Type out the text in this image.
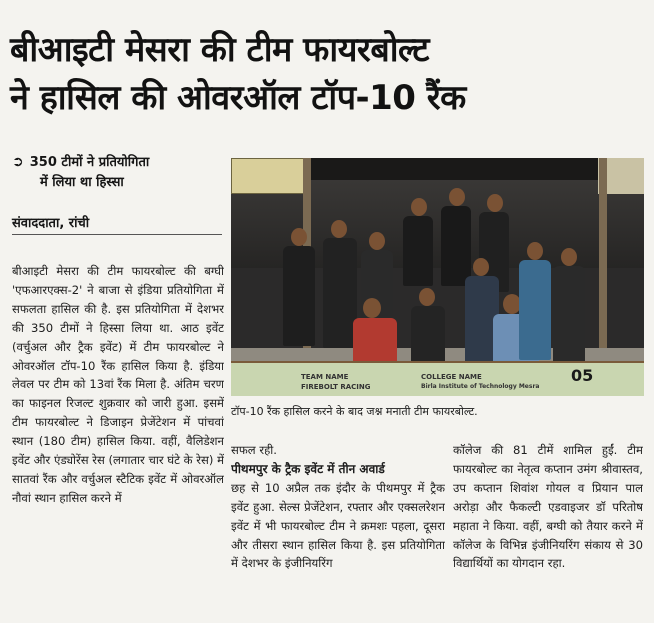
बीआइटी मेसरा की टीम फायरबोल्ट
ने हासिल की ओवरऑल टॉप-10 रैंक
➲ 350 टीमों ने प्रतियोगिता
में लिया था हिस्सा
संवाददाता, रांची
बीआइटी मेसरा की टीम फायरबोल्ट की बग्घी 'एफआरएक्स-2' ने बाजा से इंडिया प्रतियोगिता में सफलता हासिल की है. इस प्रतियोगिता में देशभर की 350 टीमों ने हिस्सा लिया था. आठ इवेंट (वर्चुअल और ट्रैक इवेंट) में टीम फायरबोल्ट ने ओवरऑल टॉप-10 रैंक हासिल किया है. इंडिया लेवल पर टीम को 13वां रैंक मिला है. अंतिम चरण का फाइनल रिजल्ट शुक्रवार को जारी हुआ. इसमें टीम फायरबोल्ट ने डिजाइन प्रेजेंटेशन में पांचवां स्थान (180 टीम) हासिल किया. वहीं, वैलिडेशन इवेंट और एंड्योरेंस रेस (लगातार चार घंटे के रेस) में सातवां रैंक और वर्चुअल स्टैटिक इवेंट में ओवरऑल नौवां स्थान हासिल करने में
TEAM NAME
FIREBOLT RACING
COLLEGE NAME
Birla Institute of Technology Mesra
05
टॉप-10 रैंक हासिल करने के बाद जश्न मनाती टीम फायरबोल्ट.
सफल रही.
पीथमपुर के ट्रैक इवेंट में तीन अवार्ड
छह से 10 अप्रैल तक इंदौर के पीथमपुर में ट्रैक इवेंट हुआ. सेल्स प्रेजेंटेशन, रफ्तार और एक्सलरेशन इवेंट में भी फायरबोल्ट टीम ने क्रमशः पहला, दूसरा और तीसरा स्थान हासिल किया है. इस प्रतियोगिता में देशभर के इंजीनियरिंग
कॉलेज की 81 टीमें शामिल हुईं. टीम फायरबोल्ट का नेतृत्व कप्तान उमंग श्रीवास्तव, उप कप्तान शिवांश गोयल व प्रियान पाल अरोड़ा और फैकल्टी एडवाइजर डॉ परितोष महाता ने किया. वहीं, बग्घी को तैयार करने में कॉलेज के विभिन्न इंजीनियरिंग संकाय से 30 विद्यार्थियों का योगदान रहा.
